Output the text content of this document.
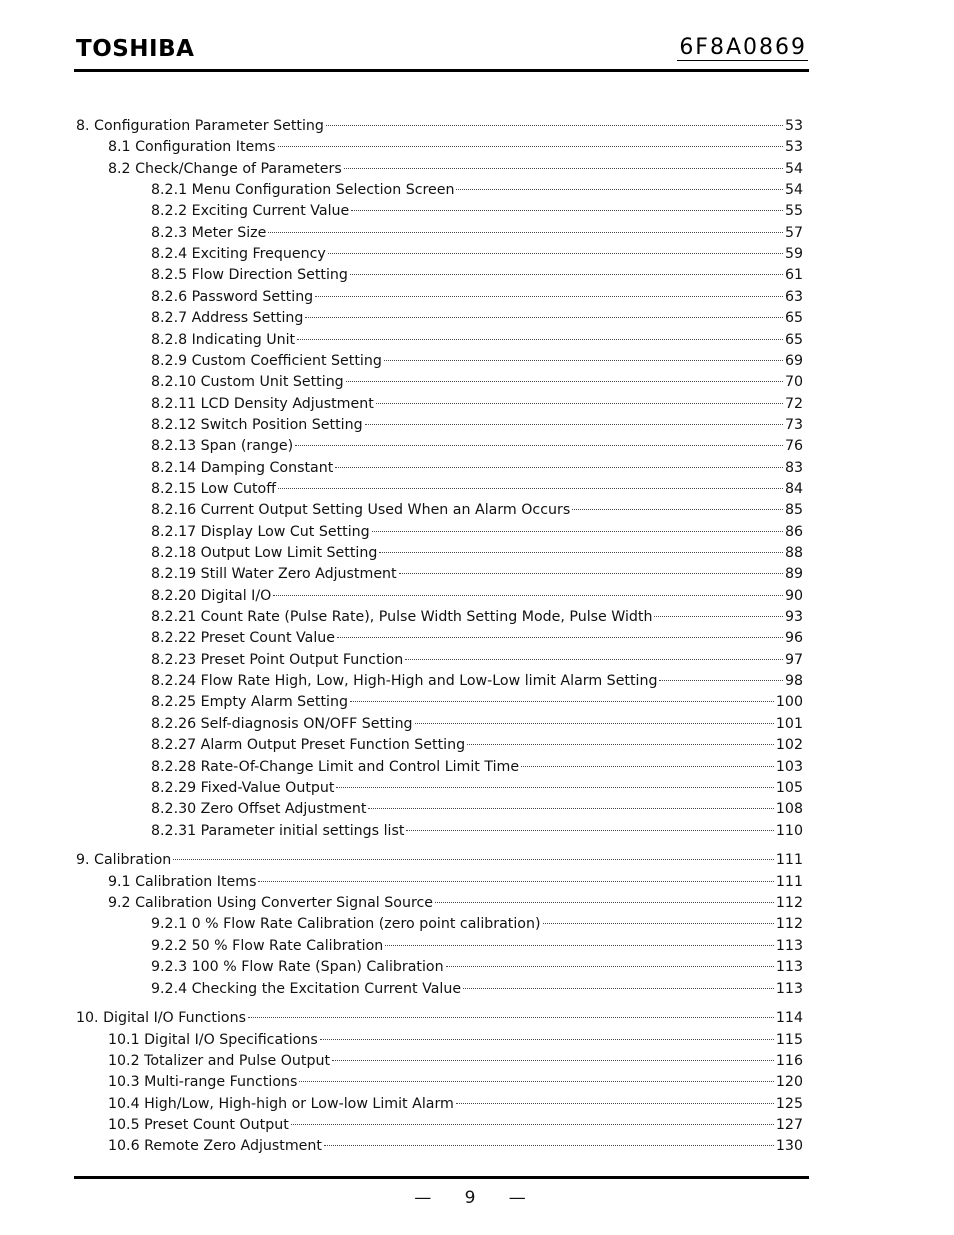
TOSHIBA	6F8A0869
8. Configuration Parameter Setting	53
8.1 Configuration Items	53
8.2 Check/Change of Parameters	54
8.2.1 Menu Configuration Selection Screen	54
8.2.2 Exciting Current Value	55
8.2.3 Meter Size	57
8.2.4 Exciting Frequency	59
8.2.5 Flow Direction Setting	61
8.2.6 Password Setting	63
8.2.7 Address Setting	65
8.2.8 Indicating Unit	65
8.2.9 Custom Coefficient Setting	69
8.2.10 Custom Unit Setting	70
8.2.11 LCD Density Adjustment	72
8.2.12 Switch Position Setting	73
8.2.13 Span (range)	76
8.2.14 Damping Constant	83
8.2.15 Low Cutoff	84
8.2.16 Current Output Setting Used When an Alarm Occurs	85
8.2.17 Display Low Cut Setting	86
8.2.18 Output Low Limit Setting	88
8.2.19 Still Water Zero Adjustment	89
8.2.20 Digital I/O	90
8.2.21 Count Rate (Pulse Rate), Pulse Width Setting Mode, Pulse Width	93
8.2.22 Preset Count Value	96
8.2.23 Preset Point Output Function	97
8.2.24 Flow Rate High, Low, High-High and Low-Low limit Alarm Setting	98
8.2.25 Empty Alarm Setting	100
8.2.26 Self-diagnosis ON/OFF Setting	101
8.2.27 Alarm Output Preset Function Setting	102
8.2.28 Rate-Of-Change Limit and Control Limit Time	103
8.2.29 Fixed-Value Output	105
8.2.30 Zero Offset Adjustment	108
8.2.31 Parameter initial settings list	110
9. Calibration	111
9.1 Calibration Items	111
9.2 Calibration Using Converter Signal Source	112
9.2.1 0 % Flow Rate Calibration (zero point calibration)	112
9.2.2 50 % Flow Rate Calibration	113
9.2.3 100 % Flow Rate (Span) Calibration	113
9.2.4 Checking the Excitation Current Value	113
10. Digital I/O Functions	114
10.1 Digital I/O Specifications	115
10.2 Totalizer and Pulse Output	116
10.3 Multi-range Functions	120
10.4 High/Low, High-high or Low-low Limit Alarm	125
10.5 Preset Count Output	127
10.6 Remote Zero Adjustment	130
— 9 —
